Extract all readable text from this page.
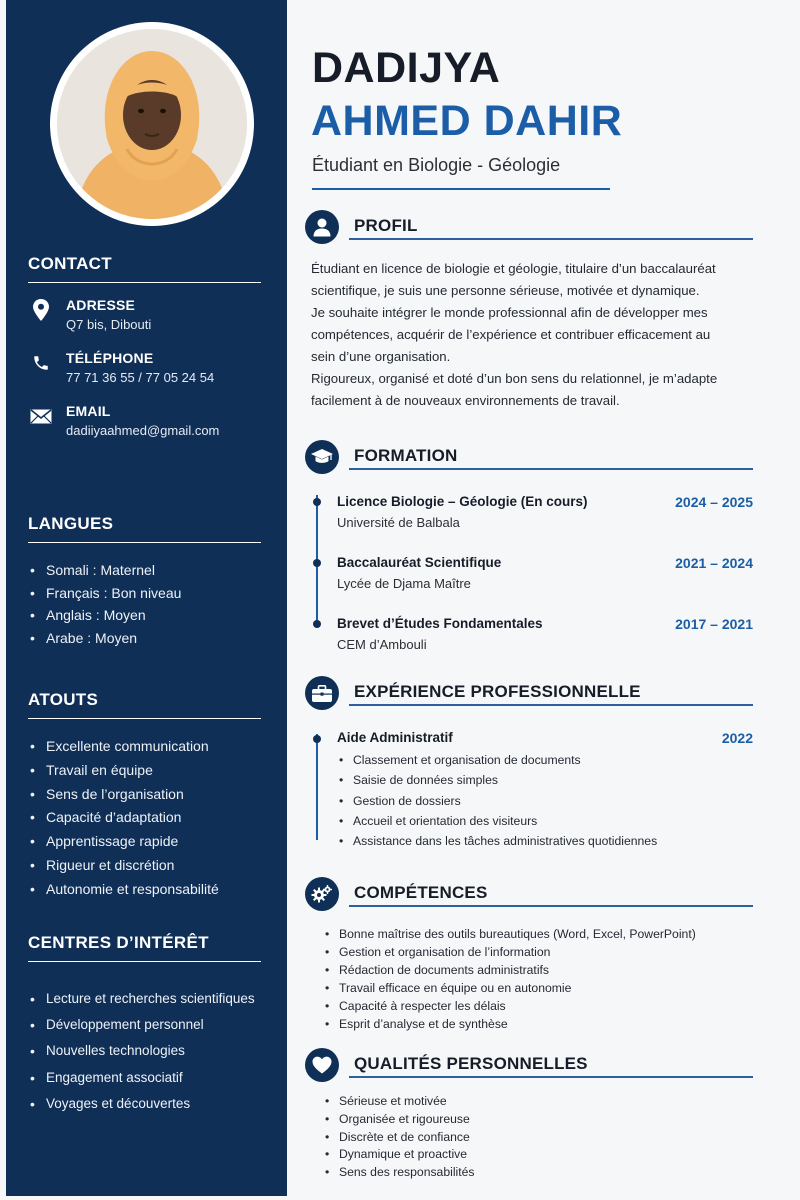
CONTACT
ADRESSE
Q7 bis, Dibouti
TÉLÉPHONE
77 71 36 55 / 77 05 24 54
EMAIL
dadiiyaahmed@gmail.com
LANGUES
• Somali : Maternel
• Français : Bon niveau
• Anglais : Moyen
• Arabe : Moyen
ATOUTS
• Excellente communication
• Travail en équipe
• Sens de l’organisation
• Capacité d’adaptation
• Apprentissage rapide
• Rigueur et discrétion
• Autonomie et responsabilité
CENTRES D’INTÉRÊT
• Lecture et recherches scientifiques
• Développement personnel
• Nouvelles technologies
• Engagement associatif
• Voyages et découvertes
DADIJYA
AHMED DAHIR
Étudiant en Biologie - Géologie
PROFIL
Étudiant en licence de biologie et géologie, titulaire d’un baccalauréat
scientifique, je suis une personne sérieuse, motivée et dynamique.
Je souhaite intégrer le monde professionnal afin de développer mes
compétences, acquérir de l’expérience et contribuer efficacement au
sein d’une organisation.
Rigoureux, organisé et doté d’un bon sens du relationnel, je m’adapte
facilement à de nouveaux environnements de travail.
FORMATION
Licence Biologie – Géologie (En cours)
Université de Balbala
2024 – 2025
Baccalauréat Scientifique
Lycée de Djama Maître
2021 – 2024
Brevet d’Études Fondamentales
CEM d’Ambouli
2017 – 2021
EXPÉRIENCE PROFESSIONNELLE
Aide Administratif	2022
• Classement et organisation de documents
• Saisie de données simples
• Gestion de dossiers
• Accueil et orientation des visiteurs
• Assistance dans les tâches administratives quotidiennes
COMPÉTENCES
• Bonne maîtrise des outils bureautiques (Word, Excel, PowerPoint)
• Gestion et organisation de l’information
• Rédaction de documents administratifs
• Travail efficace en équipe ou en autonomie
• Capacité à respecter les délais
• Esprit d’analyse et de synthèse
QUALITÉS PERSONNELLES
• Sérieuse et motivée
• Organisée et rigoureuse
• Discrète et de confiance
• Dynamique et proactive
• Sens des responsabilités
